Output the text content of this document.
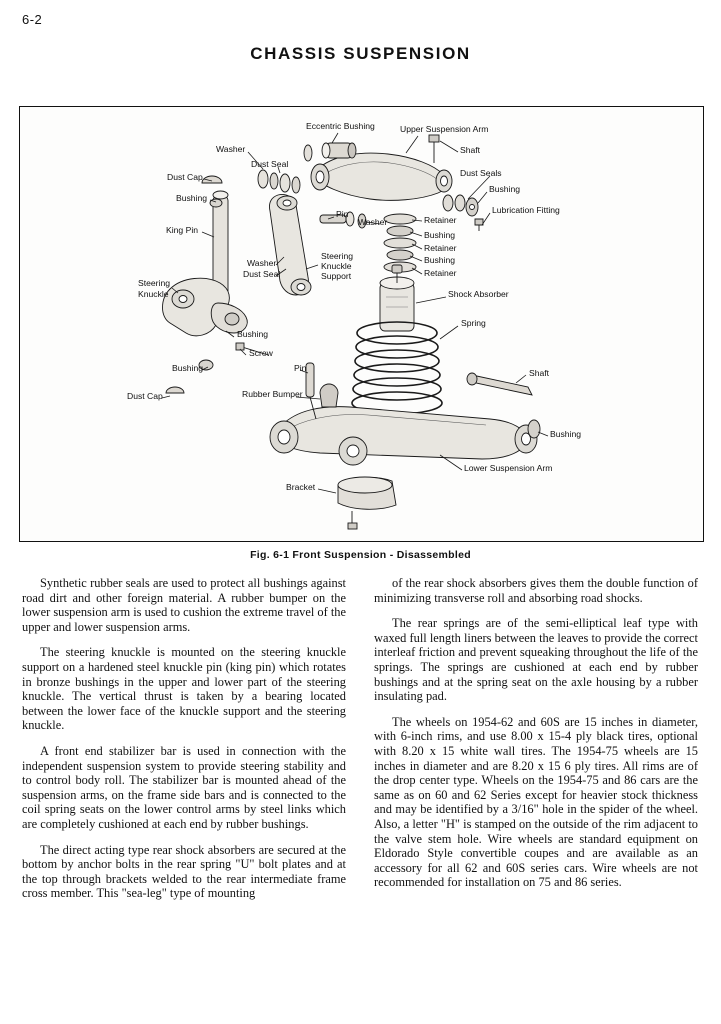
6-2
CHASSIS SUSPENSION
Eccentric Bushing	Upper Suspension Arm
Shaft
Washer
Dust Seal
Dust Seals
Bushing
Dust Cap
Bushing
Lubrication Fitting
Pin
Washer	Retainer
Bushing
Retainer
Bushing
Retainer
King Pin
Washer
Dust Seal
Steering
Knuckle
Support
Steering
Knuckle	Shock Absorber
Spring
Bushing
Screw
Bushing	Pin	Shaft
Dust Cap	Rubber Bumper
Bushing
Lower Suspension Arm
Bracket
Fig. 6-1 Front Suspension - Disassembled

Synthetic rubber seals are used to protect all bushings against road dirt and other foreign material. A rubber bumper on the lower suspension arm is used to cushion the extreme travel of the upper and lower suspension arms.

The steering knuckle is mounted on the steering knuckle support on a hardened steel knuckle pin (king pin) which rotates in bronze bushings in the upper and lower part of the steering knuckle. The vertical thrust is taken by a bearing located between the lower face of the knuckle support and the steering knuckle.

A front end stabilizer bar is used in connection with the independent suspension system to provide steering stability and to control body roll. The stabilizer bar is mounted ahead of the suspension arms, on the frame side bars and is connected to the coil spring seats on the lower control arms by steel links which are completely cushioned at each end by rubber bushings.

The direct acting type rear shock absorbers are secured at the bottom by anchor bolts in the rear spring "U" bolt plates and at the top through brackets welded to the rear intermediate frame cross member. This "sea-leg" type of mounting

of the rear shock absorbers gives them the double function of minimizing transverse roll and absorbing road shocks.

The rear springs are of the semi-elliptical leaf type with waxed full length liners between the leaves to provide the correct interleaf friction and prevent squeaking throughout the life of the springs. The springs are cushioned at each end by rubber bushings and at the spring seat on the axle housing by a rubber insulating pad.

The wheels on 1954-62 and 60S are 15 inches in diameter, with 6-inch rims, and use 8.00 x 15-4 ply black tires, optional with 8.20 x 15 white wall tires. The 1954-75 wheels are 15 inches in diameter and are 8.20 x 15 6 ply tires. All rims are of the drop center type. Wheels on the 1954-75 and 86 cars are the same as on 60 and 62 Series except for heavier stock thickness and may be identified by a 3/16" hole in the spider of the wheel. Also, a letter "H" is stamped on the outside of the rim adjacent to the valve stem hole. Wire wheels are standard equipment on Eldorado Style convertible coupes and are available as an accessory for all 62 and 60S series cars. Wire wheels are not recommended for installation on 75 and 86 series.
